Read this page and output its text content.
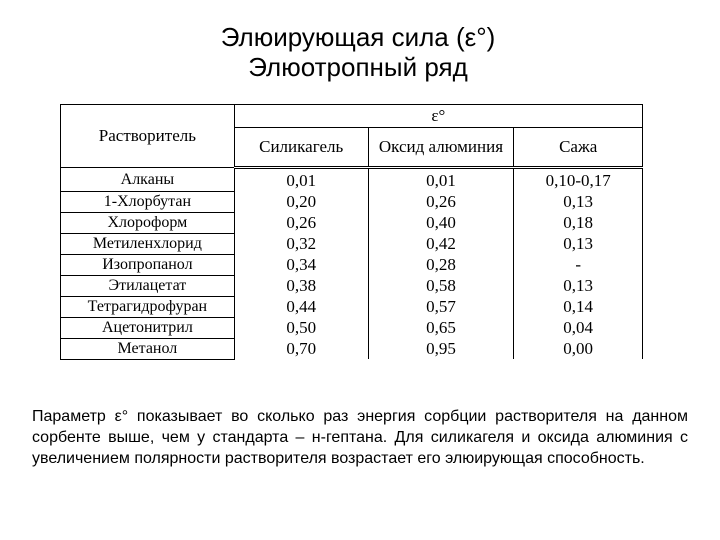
Элюирующая сила (ε°)
Элюотропный ряд
Растворитель	ε°		
	Силикагель	Оксид алюминия	Сажа
Алканы	0,01	0,01	0,10-0,17
1-Хлорбутан	0,20	0,26	0,13
Хлороформ	0,26	0,40	0,18
Метиленхлорид	0,32	0,42	0,13
Изопропанол	0,34	0,28	-
Этилацетат	0,38	0,58	0,13
Тетрагидрофуран	0,44	0,57	0,14
Ацетонитрил	0,50	0,65	0,04
Метанол	0,70	0,95	0,00
Параметр ε° показывает во сколько раз энергия сорбции растворителя на данном сорбенте выше, чем у стандарта – н-гептана. Для силикагеля и оксида алюминия с увеличением полярности растворителя возрастает его элюирующая способность.
